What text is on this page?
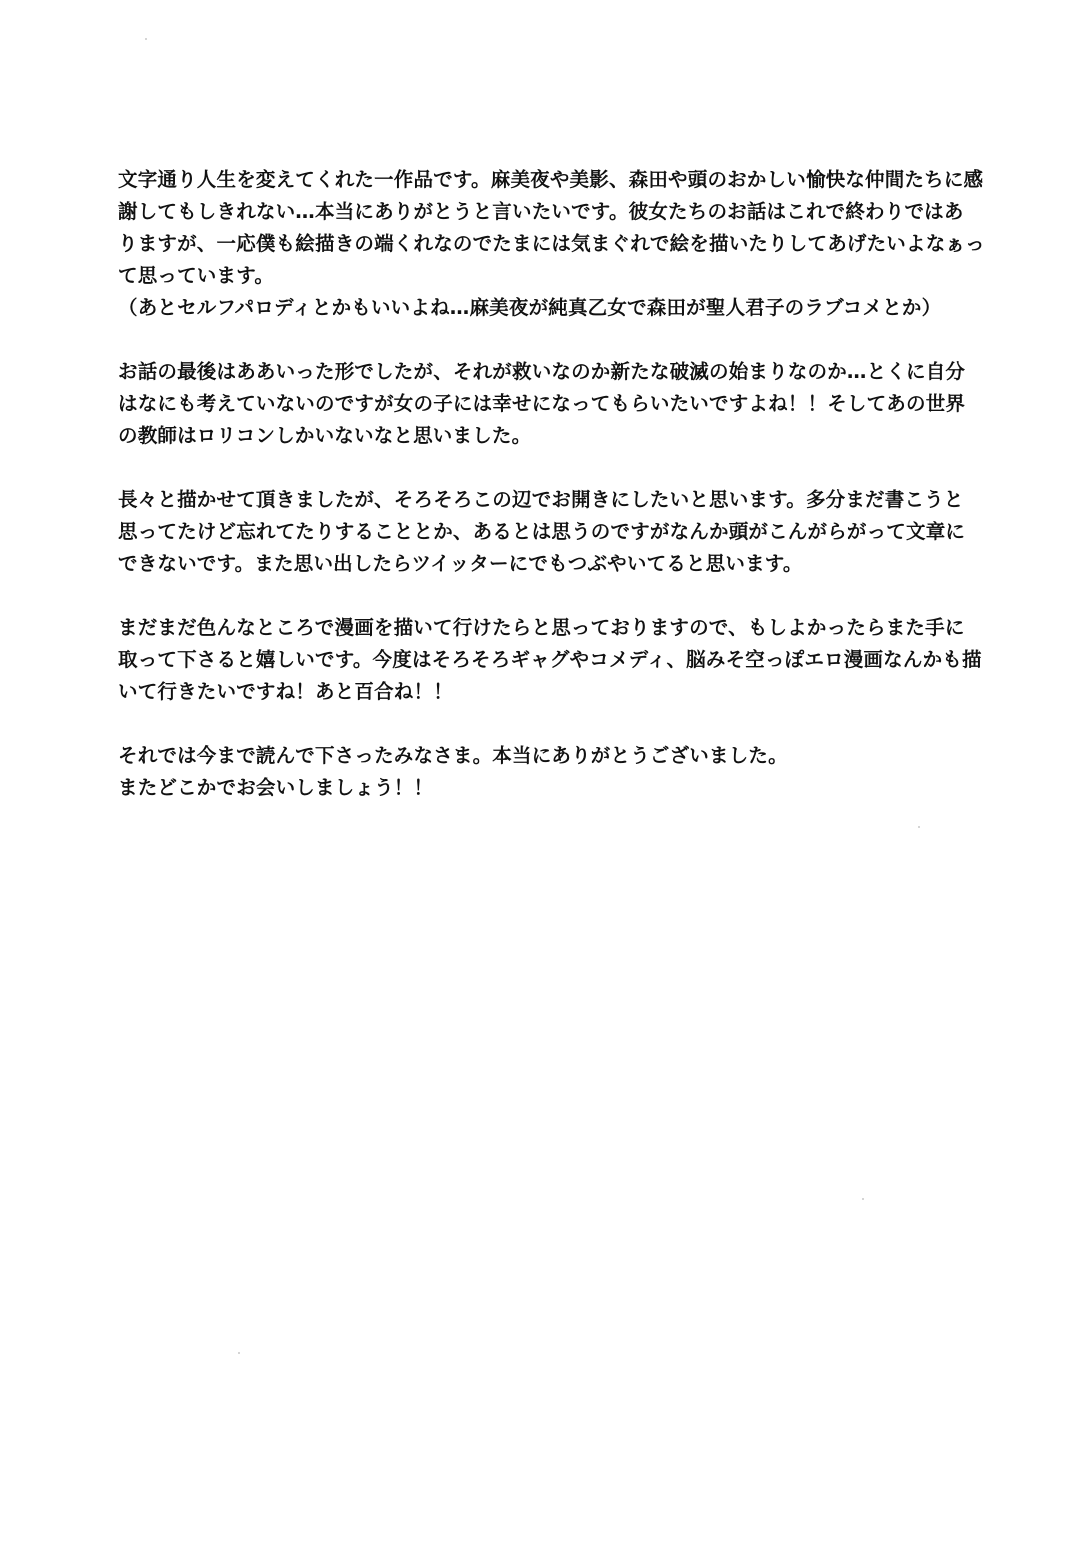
文字通り人生を変えてくれた一作品です。麻美夜や美影、森田や頭のおかしい愉快な仲間たちに感
謝してもしきれない…本当にありがとうと言いたいです。彼女たちのお話はこれで終わりではあ
りますが、一応僕も絵描きの端くれなのでたまには気まぐれで絵を描いたりしてあげたいよなぁっ
て思っています。
（あとセルフパロディとかもいいよね…麻美夜が純真乙女で森田が聖人君子のラブコメとか）
お話の最後はああいった形でしたが、それが救いなのか新たな破滅の始まりなのか…とくに自分
はなにも考えていないのですが女の子には幸せになってもらいたいですよね！！そしてあの世界
の教師はロリコンしかいないなと思いました。
長々と描かせて頂きましたが、そろそろこの辺でお開きにしたいと思います。多分まだ書こうと
思ってたけど忘れてたりすることとか、あるとは思うのですがなんか頭がこんがらがって文章に
できないです。また思い出したらツイッターにでもつぶやいてると思います。
まだまだ色んなところで漫画を描いて行けたらと思っておりますので、もしよかったらまた手に
取って下さると嬉しいです。今度はそろそろギャグやコメディ、脳みそ空っぽエロ漫画なんかも描
いて行きたいですね！あと百合ね！！
それでは今まで読んで下さったみなさま。本当にありがとうございました。
またどこかでお会いしましょう！！
